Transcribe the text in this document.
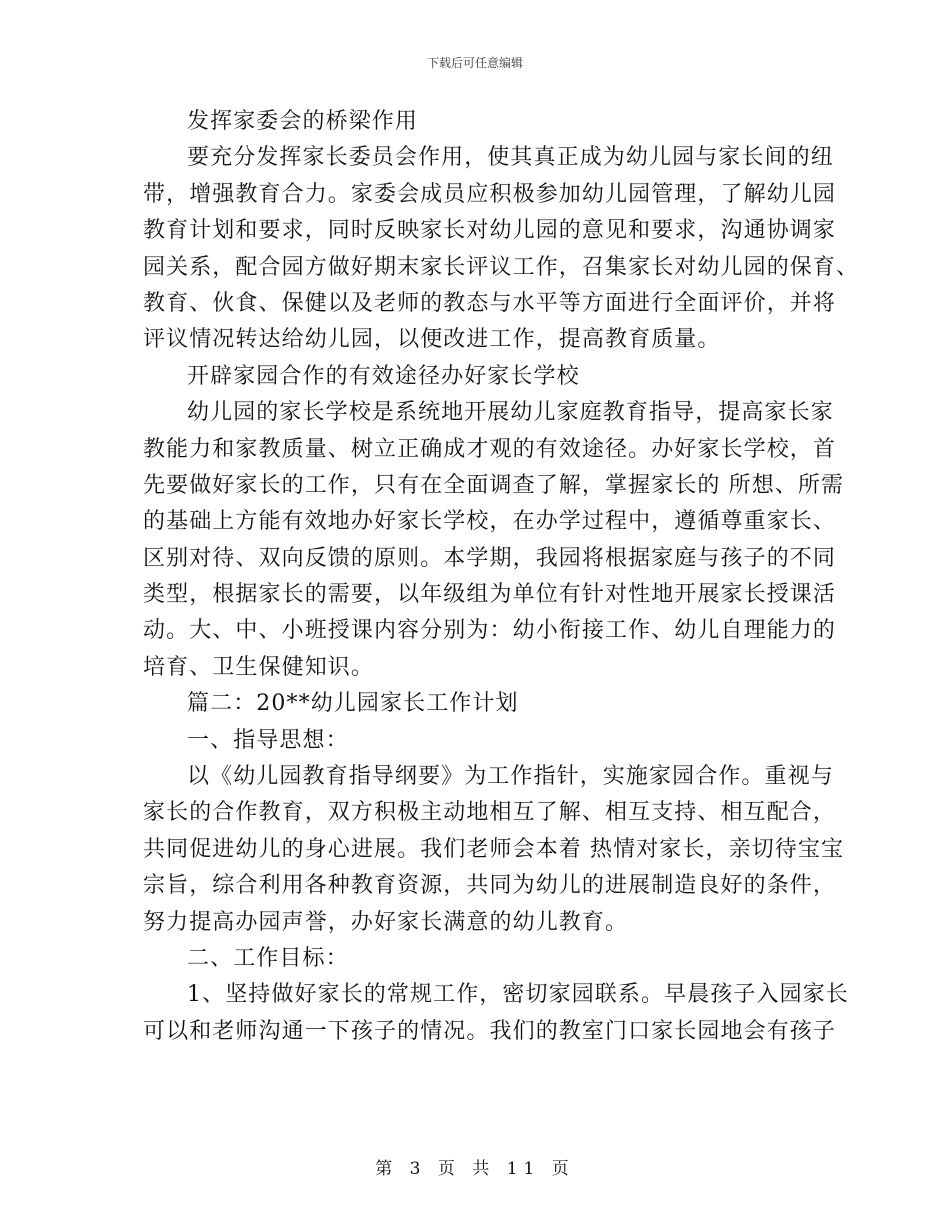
下载后可任意编辑
发挥家委会的桥梁作用
要充分发挥家长委员会作用，使其真正成为幼儿园与家长间的纽
带，增强教育合力。家委会成员应积极参加幼儿园管理，了解幼儿园
教育计划和要求，同时反映家长对幼儿园的意见和要求，沟通协调家
园关系，配合园方做好期末家长评议工作，召集家长对幼儿园的保育、
教育、伙食、保健以及老师的教态与水平等方面进行全面评价，并将
评议情况转达给幼儿园，以便改进工作，提高教育质量。
开辟家园合作的有效途径办好家长学校
幼儿园的家长学校是系统地开展幼儿家庭教育指导，提高家长家
教能力和家教质量、树立正确成才观的有效途径。办好家长学校，首
先要做好家长的工作，只有在全面调查了解，掌握家长的 所想、所需
的基础上方能有效地办好家长学校，在办学过程中，遵循尊重家长、
区别对待、双向反馈的原则。本学期，我园将根据家庭与孩子的不同
类型，根据家长的需要，以年级组为单位有针对性地开展家长授课活
动。大、中、小班授课内容分别为：幼小衔接工作、幼儿自理能力的
培育、卫生保健知识。
篇二：20**幼儿园家长工作计划
一、指导思想：
以《幼儿园教育指导纲要》为工作指针，实施家园合作。重视与
家长的合作教育，双方积极主动地相互了解、相互支持、相互配合，
共同促进幼儿的身心进展。我们老师会本着 热情对家长，亲切待宝宝
宗旨，综合利用各种教育资源，共同为幼儿的进展制造良好的条件，
努力提高办园声誉，办好家长满意的幼儿教育。
二、工作目标：
1、坚持做好家长的常规工作，密切家园联系。早晨孩子入园家长
可以和老师沟通一下孩子的情况。我们的教室门口家长园地会有孩子
第 3 页 共 11 页
